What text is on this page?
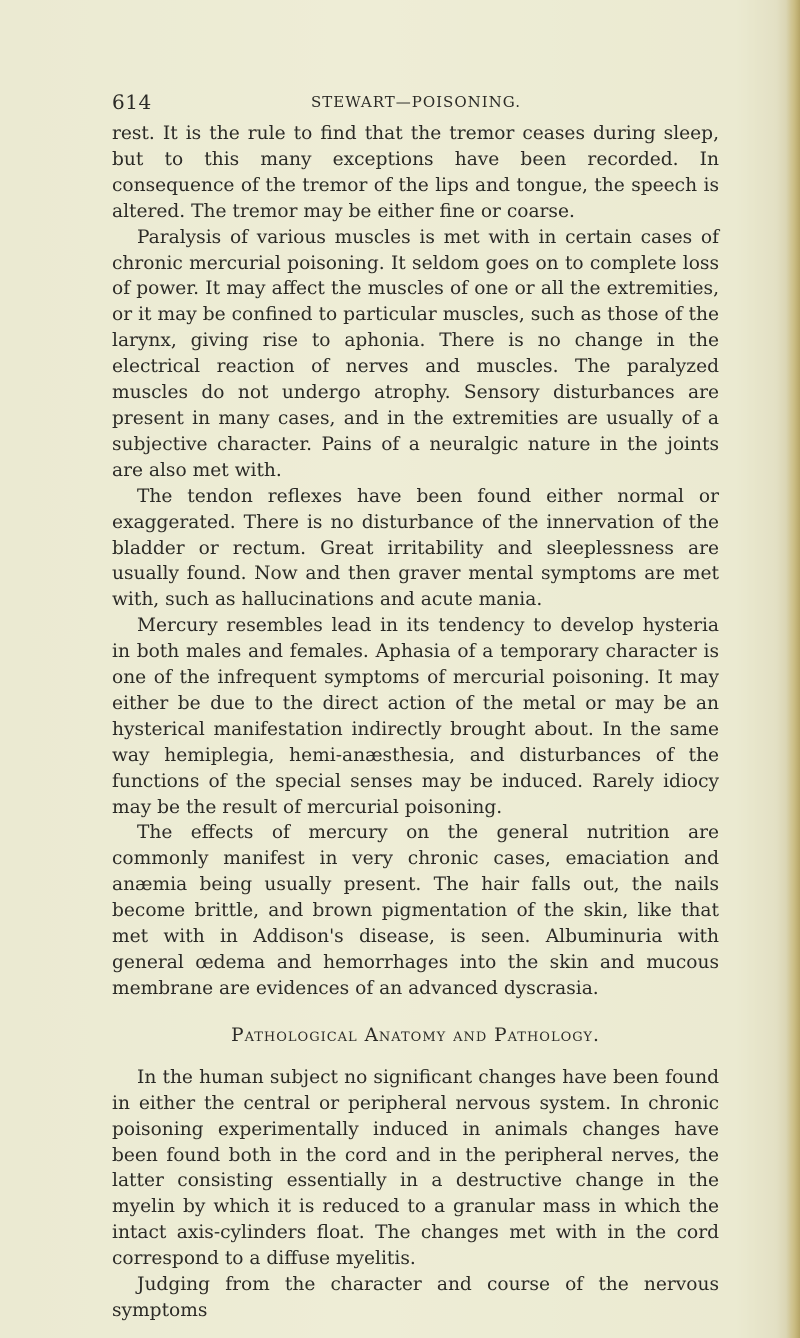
614	STEWART—POISONING.

rest. It is the rule to find that the tremor ceases during sleep, but to this many exceptions have been recorded. In consequence of the tremor of the lips and tongue, the speech is altered. The tremor may be either fine or coarse.

Paralysis of various muscles is met with in certain cases of chronic mercurial poisoning. It seldom goes on to complete loss of power. It may affect the muscles of one or all the extremities, or it may be confined to particular muscles, such as those of the larynx, giving rise to aphonia. There is no change in the electrical reaction of nerves and muscles. The paralyzed muscles do not undergo atrophy. Sensory disturbances are present in many cases, and in the extremities are usually of a subjective character. Pains of a neuralgic nature in the joints are also met with.

The tendon reflexes have been found either normal or exaggerated. There is no disturbance of the innervation of the bladder or rectum. Great irritability and sleeplessness are usually found. Now and then graver mental symptoms are met with, such as hallucinations and acute mania.

Mercury resembles lead in its tendency to develop hysteria in both males and females. Aphasia of a temporary character is one of the infrequent symptoms of mercurial poisoning. It may either be due to the direct action of the metal or may be an hysterical manifestation indirectly brought about. In the same way hemiplegia, hemi-anæsthesia, and disturbances of the functions of the special senses may be induced. Rarely idiocy may be the result of mercurial poisoning.

The effects of mercury on the general nutrition are commonly manifest in very chronic cases, emaciation and anæmia being usually present. The hair falls out, the nails become brittle, and brown pigmentation of the skin, like that met with in Addison's disease, is seen. Albuminuria with general œdema and hemorrhages into the skin and mucous membrane are evidences of an advanced dyscrasia.

Pathological Anatomy and Pathology.

In the human subject no significant changes have been found in either the central or peripheral nervous system. In chronic poisoning experimentally induced in animals changes have been found both in the cord and in the peripheral nerves, the latter consisting essentially in a destructive change in the myelin by which it is reduced to a granular mass in which the intact axis-cylinders float. The changes met with in the cord correspond to a diffuse myelitis.

Judging from the character and course of the nervous symptoms
